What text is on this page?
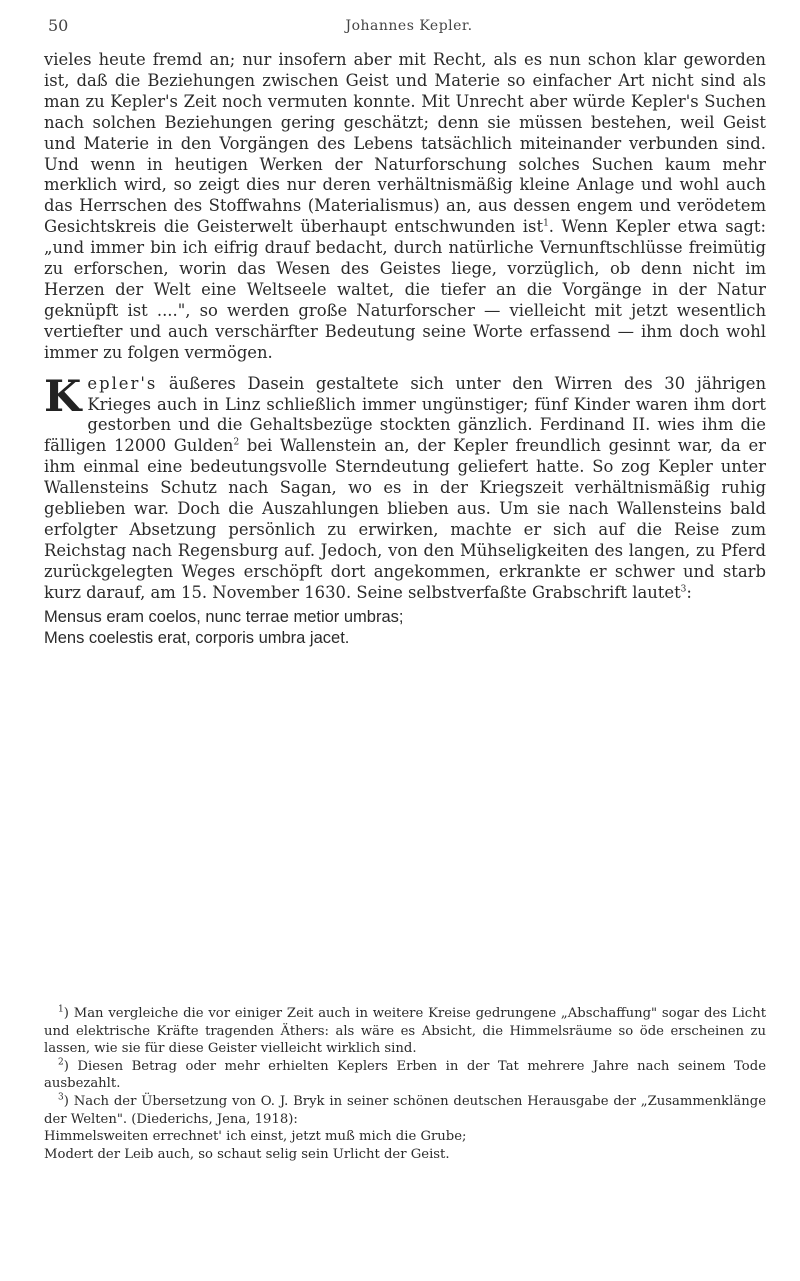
50	Johannes Kepler.

vieles heute fremd an; nur insofern aber mit Recht, als es nun schon klar geworden ist, daß die Beziehungen zwischen Geist und Materie so einfacher Art nicht sind als man zu Kepler's Zeit noch vermuten konnte. Mit Unrecht aber würde Kepler's Suchen nach solchen Beziehungen gering geschätzt; denn sie müssen bestehen, weil Geist und Materie in den Vorgängen des Lebens tatsächlich miteinander verbunden sind. Und wenn in heutigen Werken der Naturforschung solches Suchen kaum mehr merklich wird, so zeigt dies nur deren verhältnismäßig kleine Anlage und wohl auch das Herrschen des Stoffwahns (Materialismus) an, aus dessen engem und verödetem Gesichtskreis die Geisterwelt überhaupt entschwunden ist$^1$. Wenn Kepler etwa sagt: „und immer bin ich eifrig drauf bedacht, durch natürliche Vernunftschlüsse freimütig zu erforschen, worin das Wesen des Geistes liege, vorzüglich, ob denn nicht im Herzen der Welt eine Weltseele waltet, die tiefer an die Vorgänge in der Natur geknüpft ist ....", so werden große Naturforscher — vielleicht mit jetzt wesentlich vertiefter und auch verschärfter Bedeutung seine Worte erfassend — ihm doch wohl immer zu folgen vermögen.

Kepler's äußeres Dasein gestaltete sich unter den Wirren des 30 jährigen Krieges auch in Linz schließlich immer ungünstiger; fünf Kinder waren ihm dort gestorben und die Gehaltsbezüge stockten gänzlich. Ferdinand II. wies ihm die fälligen 12000 Gulden$^2$ bei Wallenstein an, der Kepler freundlich gesinnt war, da er ihm einmal eine bedeutungsvolle Sterndeutung geliefert hatte. So zog Kepler unter Wallensteins Schutz nach Sagan, wo es in der Kriegszeit verhältnismäßig ruhig geblieben war. Doch die Auszahlungen blieben aus. Um sie nach Wallensteins bald erfolgter Absetzung persönlich zu erwirken, machte er sich auf die Reise zum Reichstag nach Regensburg auf. Jedoch, von den Mühseligkeiten des langen, zu Pferd zurückgelegten Weges erschöpft dort angekommen, erkrankte er schwer und starb kurz darauf, am 15. November 1630. Seine selbstverfaßte Grabschrift lautet$^3$:

Mensus eram coelos, nunc terrae metior umbras;
Mens coelestis erat, corporis umbra jacet.

$^1$) Man vergleiche die vor einiger Zeit auch in weitere Kreise gedrungene „Abschaffung" sogar des Licht und elektrische Kräfte tragenden Äthers: als wäre es Absicht, die Himmelsräume so öde erscheinen zu lassen, wie sie für diese Geister vielleicht wirklich sind.

$^2$) Diesen Betrag oder mehr erhielten Keplers Erben in der Tat mehrere Jahre nach seinem Tode ausbezahlt.

$^3$) Nach der Übersetzung von O. J. Bryk in seiner schönen deutschen Herausgabe der „Zusammenklänge der Welten". (Diederichs, Jena, 1918):

Himmelsweiten errechnet' ich einst, jetzt muß mich die Grube;

Modert der Leib auch, so schaut selig sein Urlicht der Geist.
